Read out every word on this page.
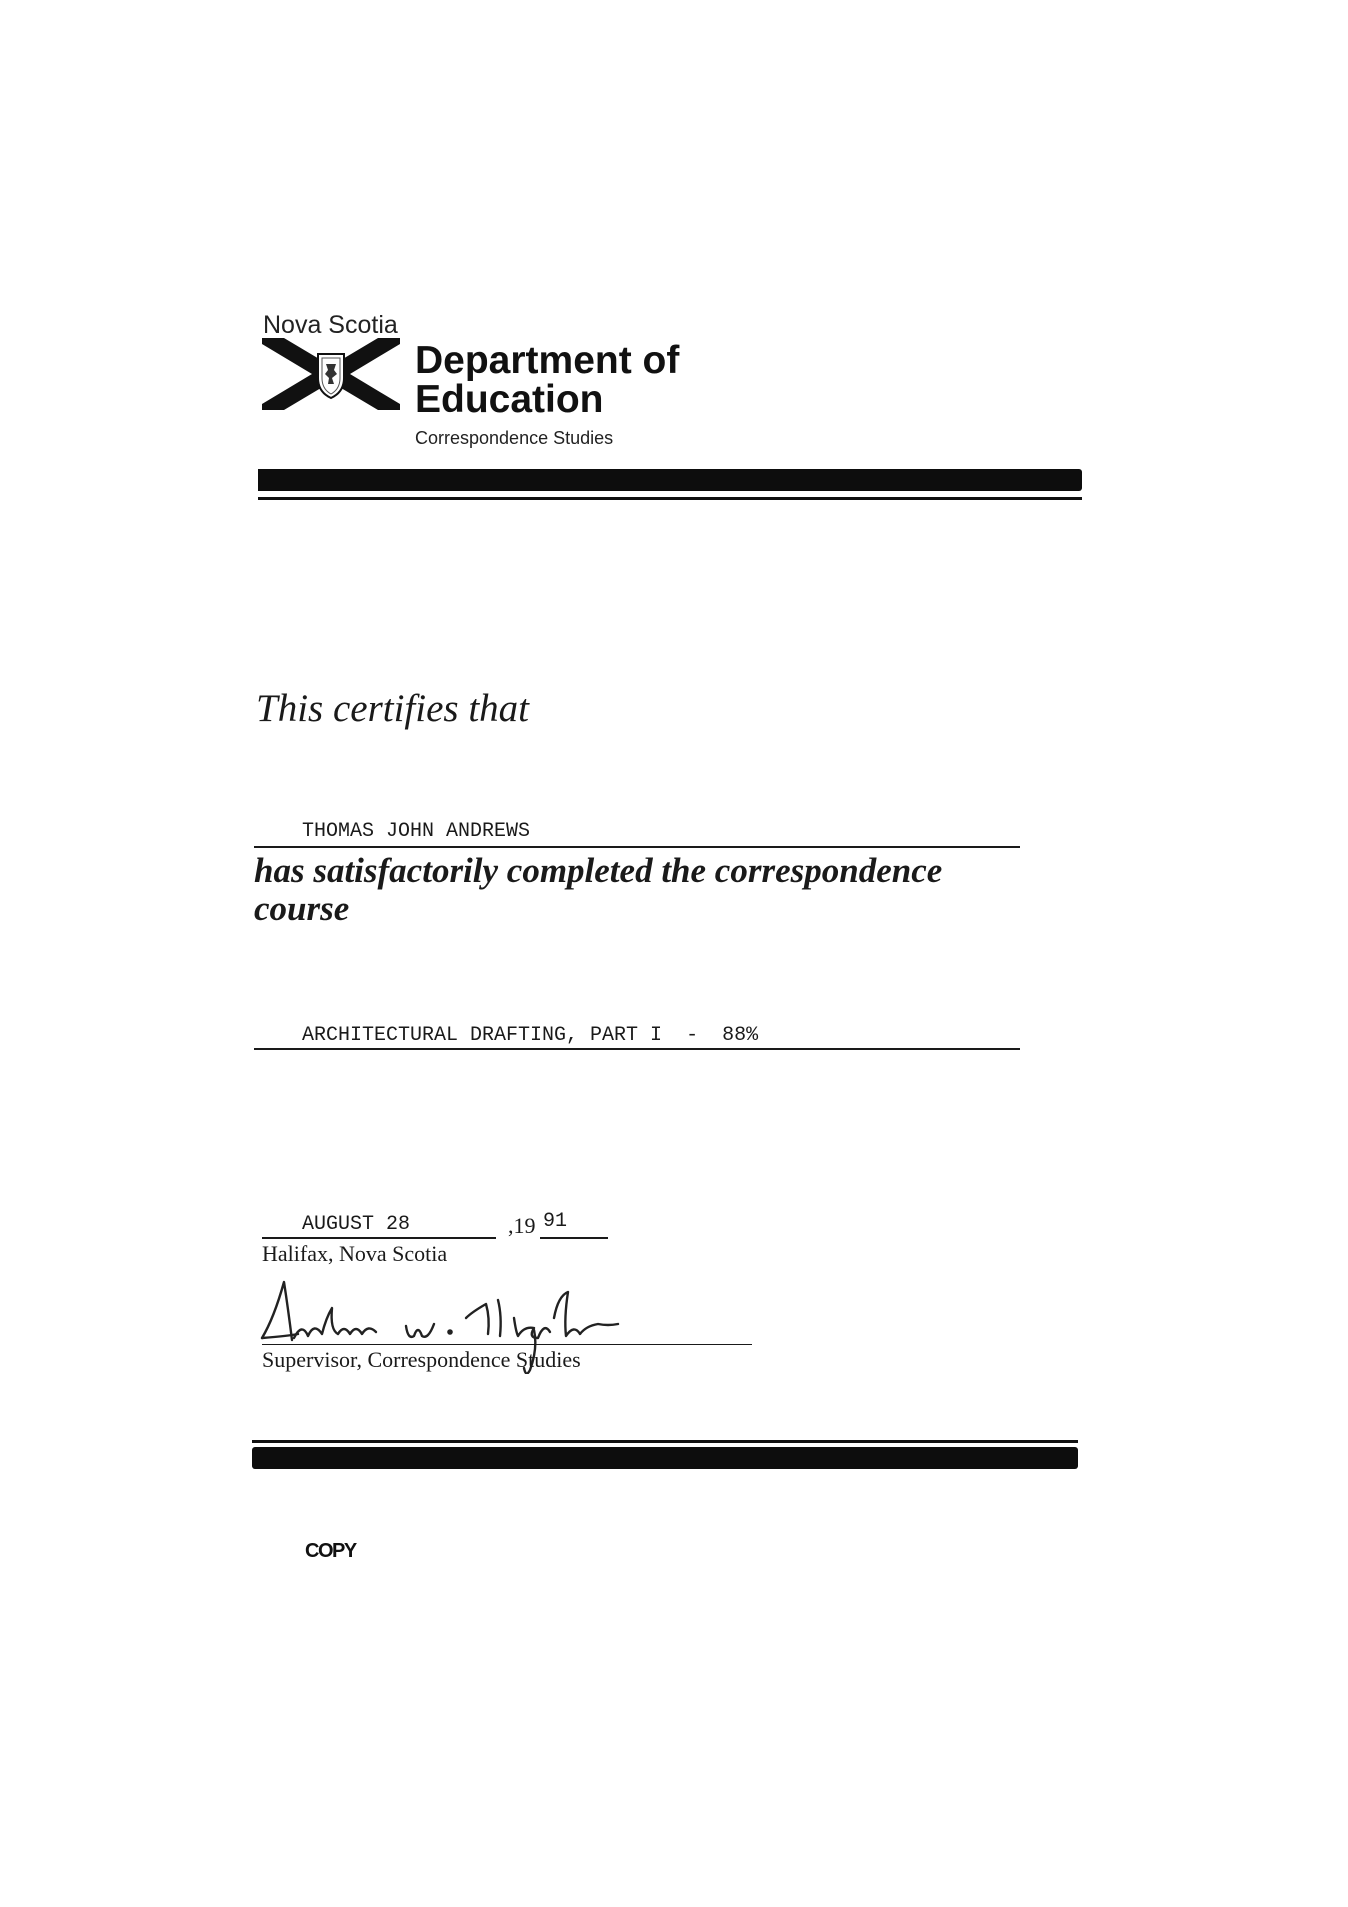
Nova Scotia
Department of
Education
Correspondence Studies
This certifies that
THOMAS JOHN ANDREWS
has satisfactorily completed the correspondence course
ARCHITECTURAL DRAFTING, PART I  -  88%
AUGUST 28	,19 91
Halifax, Nova Scotia
Supervisor, Correspondence Studies
COPY
